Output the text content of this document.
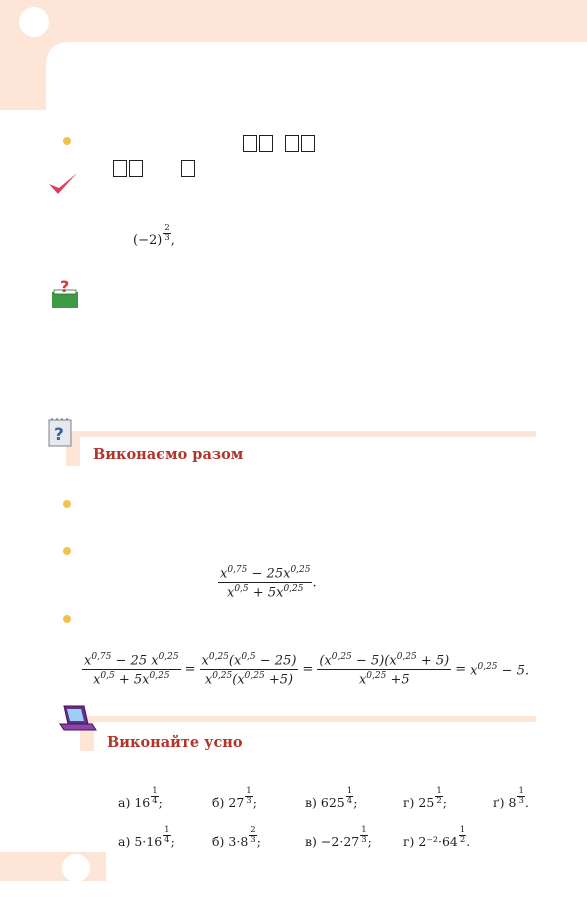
$(-2) \frac{2}{3}$ ,
?
?
Виконаємо разом
$\frac{x^{0,75} - 25x^{0,25}}{x^{0,5} + 5x^{0,25}}$ .
$\frac{x^{0,75} - 25 x^{0,25}}{x^{0,5} + 5x^{0,25}} = \frac{x^{0,25}(x^{0,5} - 25)}{x^{0,25}(x^{0,25} +5)} = \frac{(x^{0,25} - 5)(x^{0,25} + 5)}{x^{0,25} +5} = x^{0,25} - 5$.
Виконайте усно
а) $16 \frac{1}{4}$ ;	б) $27 \frac{1}{3}$ ;	в) $625 \frac{1}{4}$ ;	г) $25 \frac{1}{2}$ ;	ґ) $8 \frac{1}{3}$ .
а) $5\cdot 16 \frac{1}{4}$ ;	б) $3\cdot 8 \frac{2}{3}$ ;	$в) -2\cdot 27 \frac{1}{3}$ ; г) $2^{-2}\cdot 64 \frac{1}{2}$ .
